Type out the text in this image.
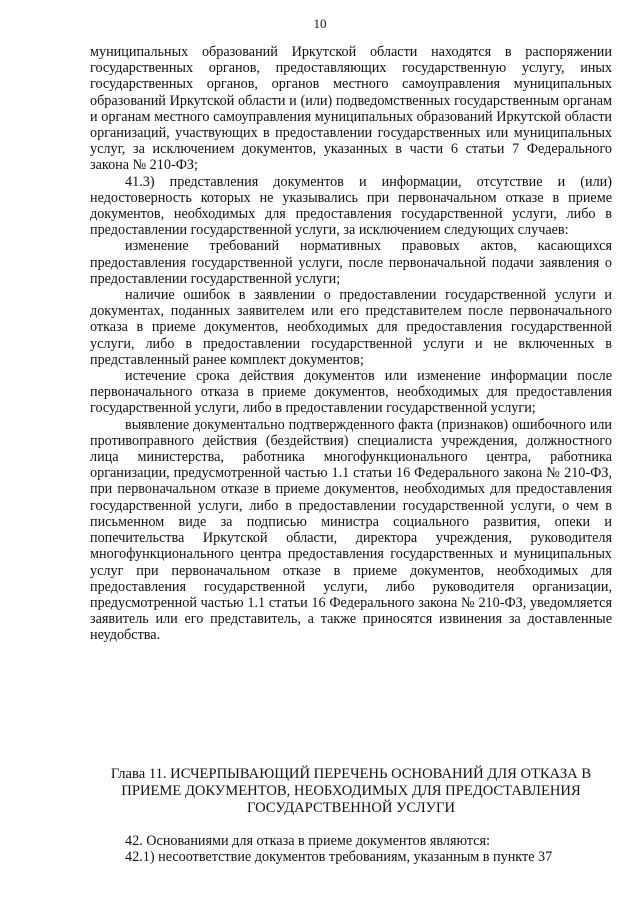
10

муниципальных образований Иркутской области находятся в распоряжении государственных органов, предоставляющих государственную услугу, иных государственных органов, органов местного самоуправления муниципальных образований Иркутской области и (или) подведомственных государственным органам и органам местного самоуправления муниципальных образований Иркутской области организаций, участвующих в предоставлении государственных или муниципальных услуг, за исключением документов, указанных в части 6 статьи 7 Федерального закона № 210-ФЗ;

41.3) представления документов и информации, отсутствие и (или) недостоверность которых не указывались при первоначальном отказе в приеме документов, необходимых для предоставления государственной услуги, либо в предоставлении государственной услуги, за исключением следующих случаев:

изменение требований нормативных правовых актов, касающихся предоставления государственной услуги, после первоначальной подачи заявления о предоставлении государственной услуги;

наличие ошибок в заявлении о предоставлении государственной услуги и документах, поданных заявителем или его представителем после первоначального отказа в приеме документов, необходимых для предоставления государственной услуги, либо в предоставлении государственной услуги и не включенных в представленный ранее комплект документов;

истечение срока действия документов или изменение информации после первоначального отказа в приеме документов, необходимых для предоставления государственной услуги, либо в предоставлении государственной услуги;

выявление документально подтвержденного факта (признаков) ошибочного или противоправного действия (бездействия) специалиста учреждения, должностного лица министерства, работника многофункционального центра, работника организации, предусмотренной частью 1.1 статьи 16 Федерального закона № 210-ФЗ, при первоначальном отказе в приеме документов, необходимых для предоставления государственной услуги, либо в предоставлении государственной услуги, о чем в письменном виде за подписью министра социального развития, опеки и попечительства Иркутской области, директора учреждения, руководителя многофункционального центра предоставления государственных и муниципальных услуг при первоначальном отказе в приеме документов, необходимых для предоставления государственной услуги, либо руководителя организации, предусмотренной частью 1.1 статьи 16 Федерального закона № 210-ФЗ, уведомляется заявитель или его представитель, а также приносятся извинения за доставленные неудобства.

Глава 11. ИСЧЕРПЫВАЮЩИЙ ПЕРЕЧЕНЬ ОСНОВАНИЙ ДЛЯ ОТКАЗА В ПРИЕМЕ ДОКУМЕНТОВ, НЕОБХОДИМЫХ ДЛЯ ПРЕДОСТАВЛЕНИЯ ГОСУДАРСТВЕННОЙ УСЛУГИ

42. Основаниями для отказа в приеме документов являются:

42.1) несоответствие документов требованиям, указанным в пункте 37
